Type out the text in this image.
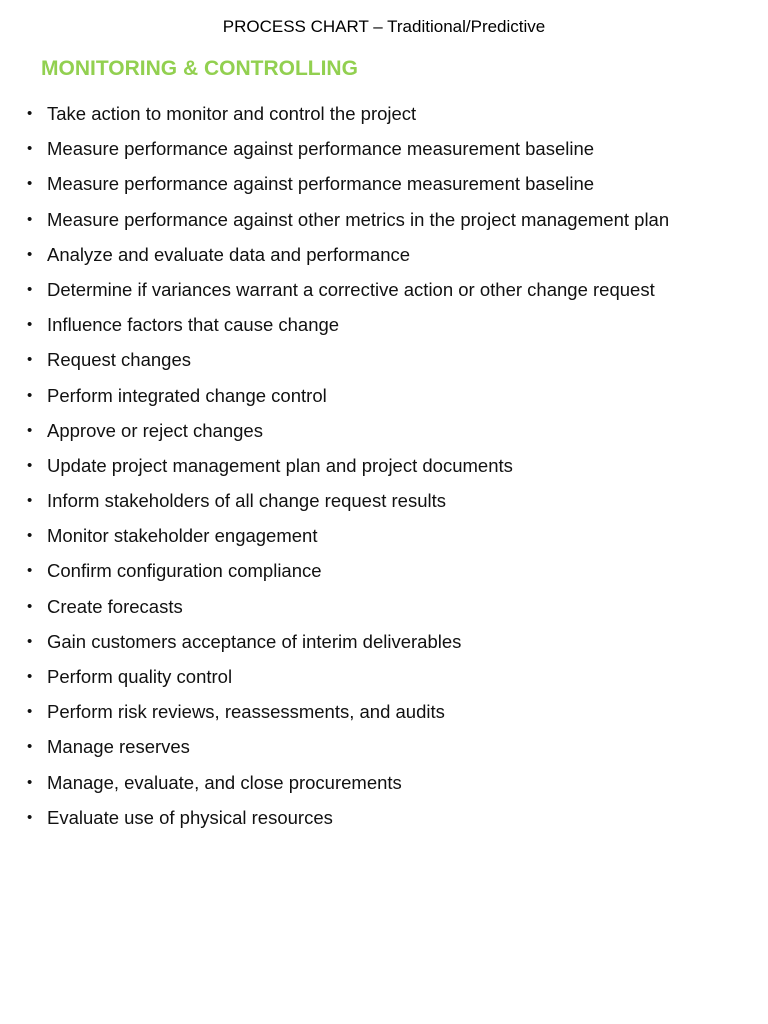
PROCESS CHART – Traditional/Predictive
MONITORING & CONTROLLING
• Take action to monitor and control the project
• Measure performance against performance measurement baseline
• Measure performance against performance measurement baseline
• Measure performance against other metrics in the project management plan
• Analyze and evaluate data and performance
• Determine if variances warrant a corrective action or other change request
• Influence factors that cause change
• Request changes
• Perform integrated change control
• Approve or reject changes
• Update project management plan and project documents
• Inform stakeholders of all change request results
• Monitor stakeholder engagement
• Confirm configuration compliance
• Create forecasts
• Gain customers acceptance of interim deliverables
• Perform quality control
• Perform risk reviews, reassessments, and audits
• Manage reserves
• Manage, evaluate, and close procurements
• Evaluate use of physical resources
